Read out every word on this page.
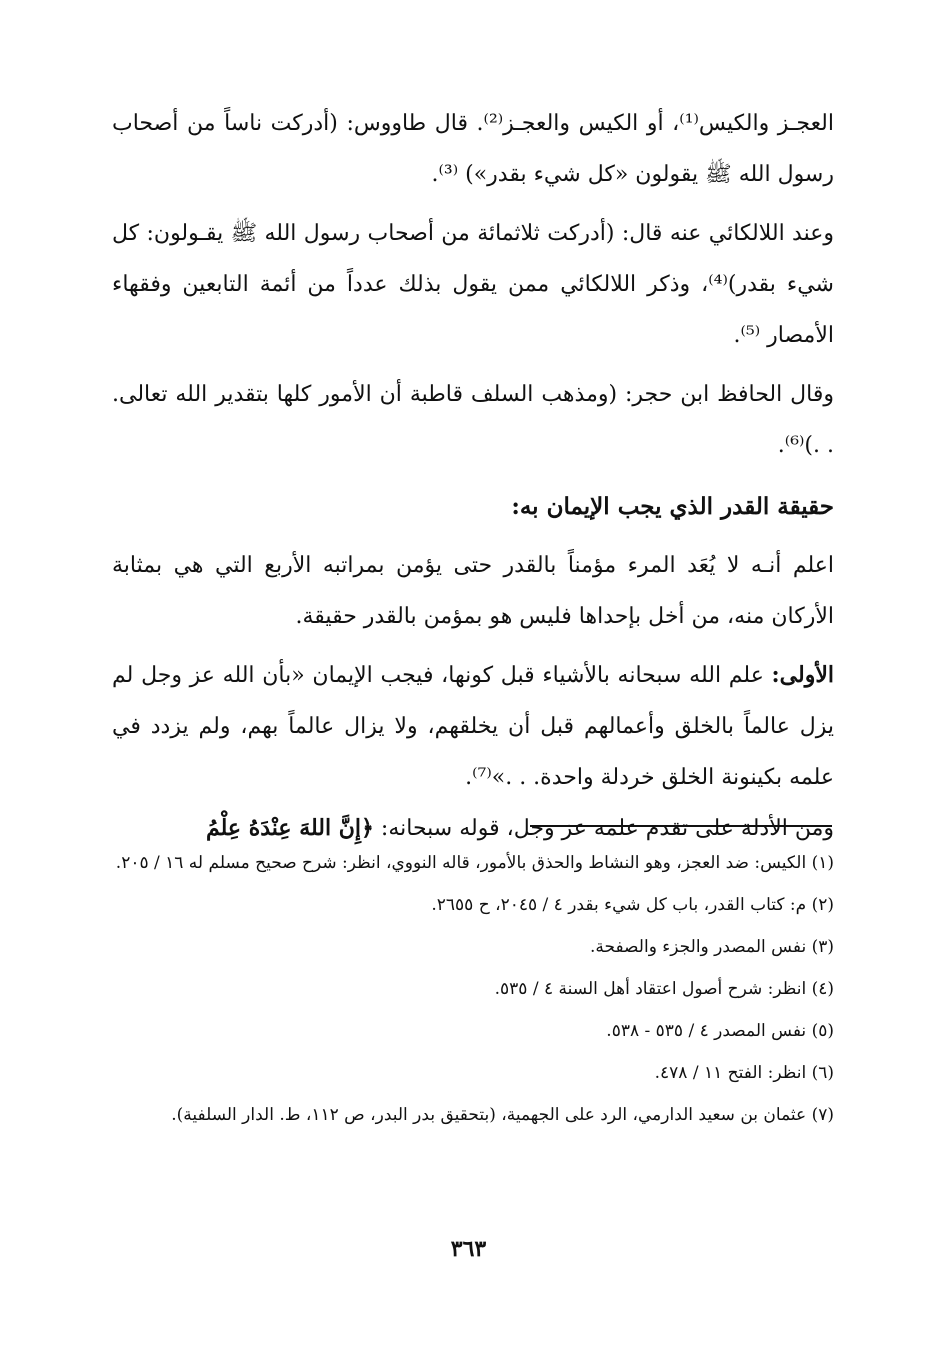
العجـز والكيس⁽¹⁾، أو الكيس والعجـز⁽²⁾. قال طاووس: (أدركت ناساً من أصحاب رسول الله ﷺ يقولون «كل شيء بقدر») ⁽³⁾.

وعند اللالكائي عنه قال: (أدركت ثلاثمائة من أصحاب رسول الله ﷺ يقـولون: كل شيء بقدر)⁽⁴⁾، وذكر اللالكائي ممن يقول بذلك عدداً من أئمة التابعين وفقهاء الأمصار ⁽⁵⁾.

وقال الحافظ ابن حجر: (ومذهب السلف قاطبة أن الأمور كلها بتقدير الله تعالى. . .)⁽⁶⁾.

حقيقة القدر الذي يجب الإيمان به:

اعلم أنـه لا يُعَد المرء مؤمناً بالقدر حتى يؤمن بمراتبه الأربع التي هي بمثابة الأركان منه، من أخل بإحداها فليس هو بمؤمن بالقدر حقيقة.

الأولى: علم الله سبحانه بالأشياء قبل كونها، فيجب الإيمان «بأن الله عز وجل لم يزل عالماً بالخلق وأعمالهم قبل أن يخلقهم، ولا يزال عالماً بهم، ولم يزدد في علمه بكينونة الخلق خردلة واحدة. . .»⁽⁷⁾.

ومن الأدلة على تقدم علمه عز وجل، قوله سبحانه: ﴿إِنَّ اللهَ عِنْدَهُ عِلْمُ

(١) الكيس: ضد العجز، وهو النشاط والحذق بالأمور، قاله النووي، انظر: شرح صحيح مسلم له ١٦ / ٢٠٥.

(٢) م: كتاب القدر، باب كل شيء بقدر ٤ / ٢٠٤٥، ح ٢٦٥٥.

(٣) نفس المصدر والجزء والصفحة.

(٤) انظر: شرح أصول اعتقاد أهل السنة ٤ / ٥٣٥.

(٥) نفس المصدر ٤ / ٥٣٥ - ٥٣٨.

(٦) انظر: الفتح ١١ / ٤٧٨.

(٧) عثمان بن سعيد الدارمي، الرد على الجهمية، (بتحقيق بدر البدر، ص ١١٢، ط. الدار السلفية).

٣٦٣
